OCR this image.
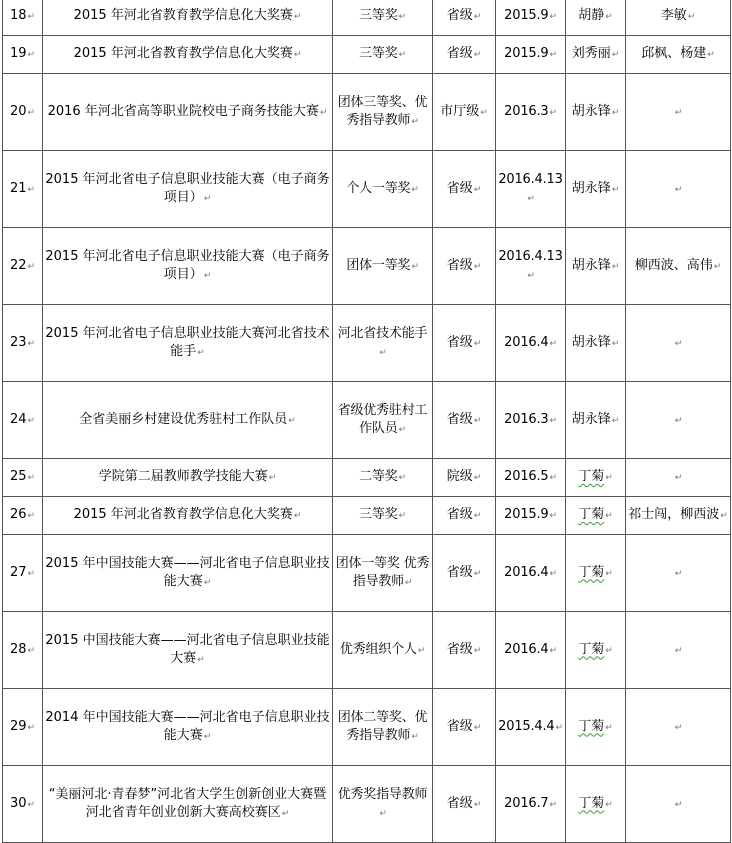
18↵	2015 年河北省教育教学信息化大奖赛↵	三等奖↵	省级↵	2015.9↵	胡静↵	李敏↵
19↵	2015 年河北省教育教学信息化大奖赛↵	三等奖↵	省级↵	2015.9↵	刘秀丽↵	邱枫、杨建↵
20↵	2016 年河北省高等职业院校电子商务技能大赛↵	团体三等奖、优秀指导教师↵	市厅级↵	2016.3↵	胡永锋↵	↵
21↵	2015 年河北省电子信息职业技能大赛（电子商务项目）↵	个人一等奖↵	省级↵	2016.4.13↵	胡永锋↵	↵
22↵	2015 年河北省电子信息职业技能大赛（电子商务项目）↵	团体一等奖↵	省级↵	2016.4.13↵	胡永锋↵	柳西波、高伟↵
23↵	2015 年河北省电子信息职业技能大赛河北省技术能手↵	河北省技术能手↵	省级↵	2016.4↵	胡永锋↵	↵
24↵	全省美丽乡村建设优秀驻村工作队员↵	省级优秀驻村工作队员↵	省级↵	2016.3↵	胡永锋↵	↵
25↵	学院第二届教师教学技能大赛↵	二等奖↵	院级↵	2016.5↵	丁菊↵	↵
26↵	2015 年河北省教育教学信息化大奖赛↵	三等奖↵	省级↵	2015.9↵	丁菊↵	祁士闯，柳西波↵
27↵	2015 年中国技能大赛——河北省电子信息职业技能大赛↵	团体一等奖 优秀指导教师↵	省级↵	2016.4↵	丁菊↵	↵
28↵	2015 中国技能大赛——河北省电子信息职业技能大赛↵	优秀组织个人↵	省级↵	2016.4↵	丁菊↵	↵
29↵	2014 年中国技能大赛——河北省电子信息职业技能大赛↵	团体二等奖、优秀指导教师↵	省级↵	2015.4.4↵	丁菊↵	↵
30↵	“美丽河北·青春梦”河北省大学生创新创业大赛暨河北省青年创业创新大赛高校赛区↵	优秀奖指导教师↵	省级↵	2016.7↵	丁菊↵	↵
